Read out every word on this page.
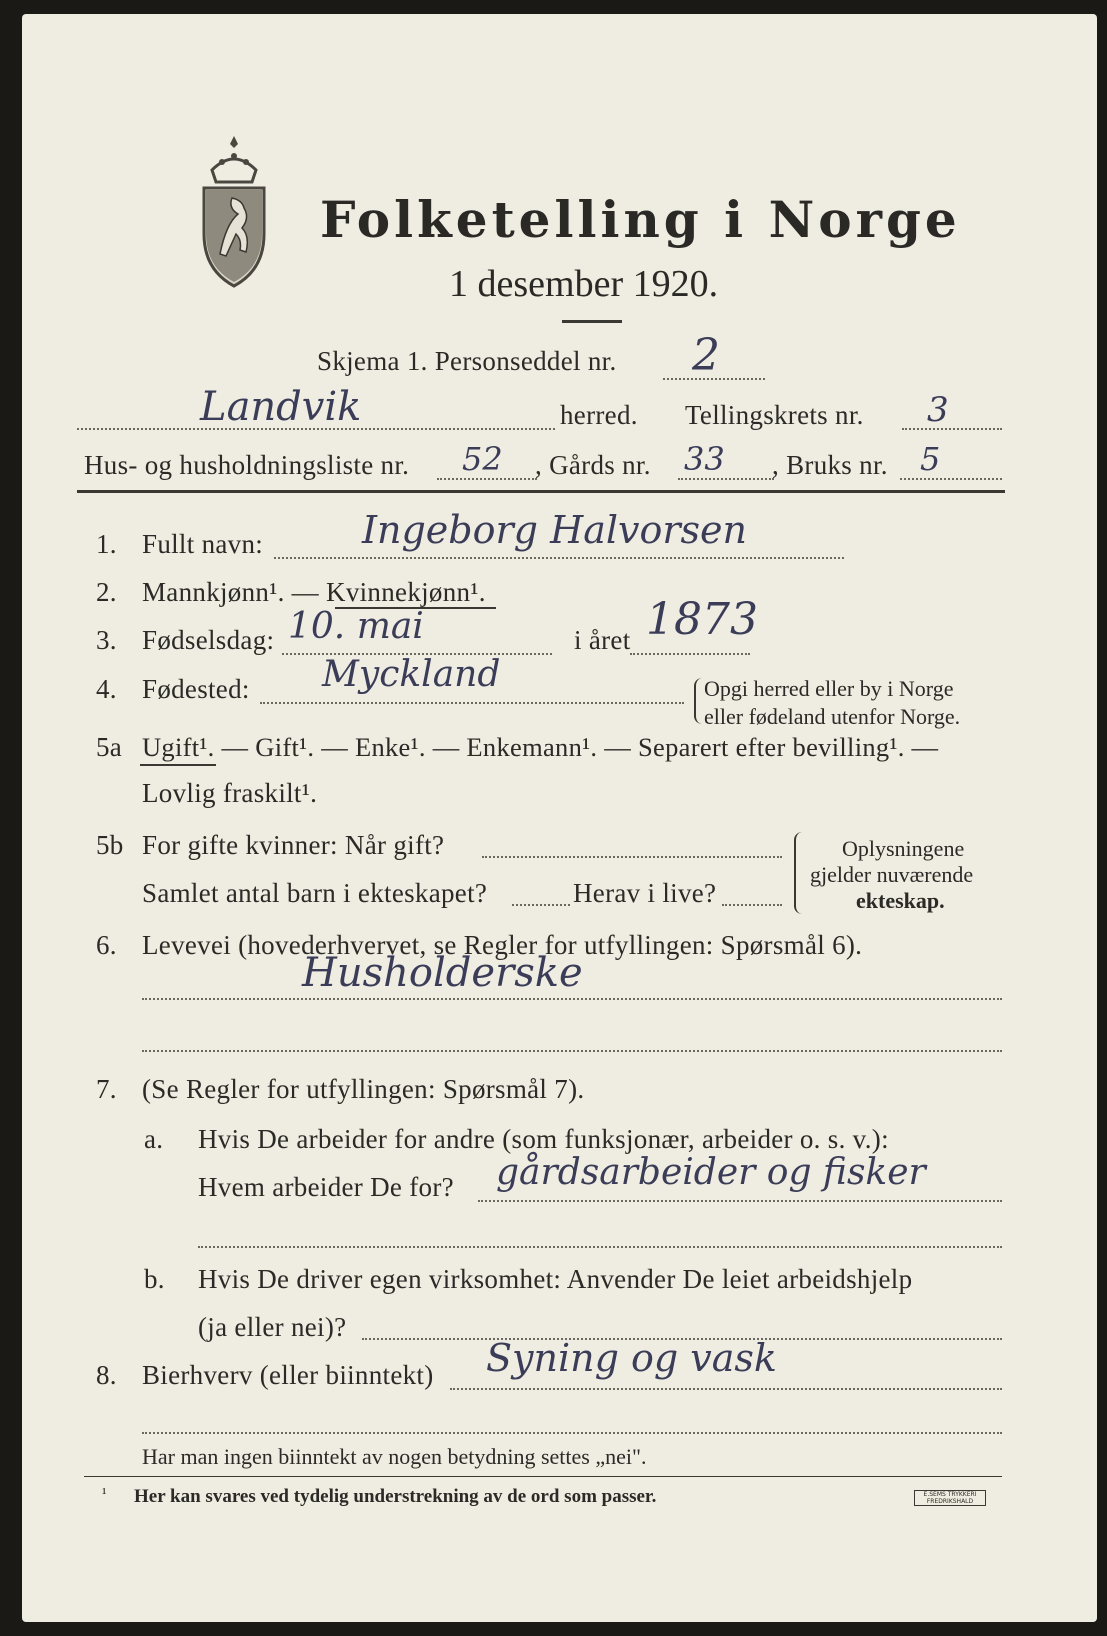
Folketelling i Norge
1 desember 1920.
Skjema 1. Personseddel nr. 2
Landvik	herred. Tellingskrets nr. 3
Hus- og husholdningsliste nr. 52 , Gårds nr. 33 , Bruks nr. 5
1. Fullt navn:	Ingeborg Halvorsen
2. Mannkjønn¹. — Kvinnekjønn¹.
3. Fødselsdag: 10. mai	i året 1873
4. Fødested: Myckland	Opgi herred eller by i Norge
eller fødeland utenfor Norge.
5a Ugift¹. — Gift¹. — Enke¹. — Enkemann¹. — Separert efter bevilling¹. —
Lovlig fraskilt¹.
5b For gifte kvinner: Når gift?
Samlet antal barn i ekteskapet?	Herav i live?
Oplysningene
gjelder nuværende
ekteskap.
6. Levevei (hovederhvervet, se Regler for utfyllingen: Spørsmål 6).
Husholderske
7. (Se Regler for utfyllingen: Spørsmål 7).
a. Hvis De arbeider for andre (som funksjonær, arbeider o. s. v.):
Hvem arbeider De for? gårdsarbeider og fisker
b. Hvis De driver egen virksomhet: Anvender De leiet arbeidshjelp
(ja eller nei)?
8. Bierhverv (eller biinntekt) Syning og vask
Har man ingen biinntekt av nogen betydning settes „nei".
¹ Her kan svares ved tydelig understrekning av de ord som passer.	E.SEMS TRYKKERI FREDRIKSHALD
